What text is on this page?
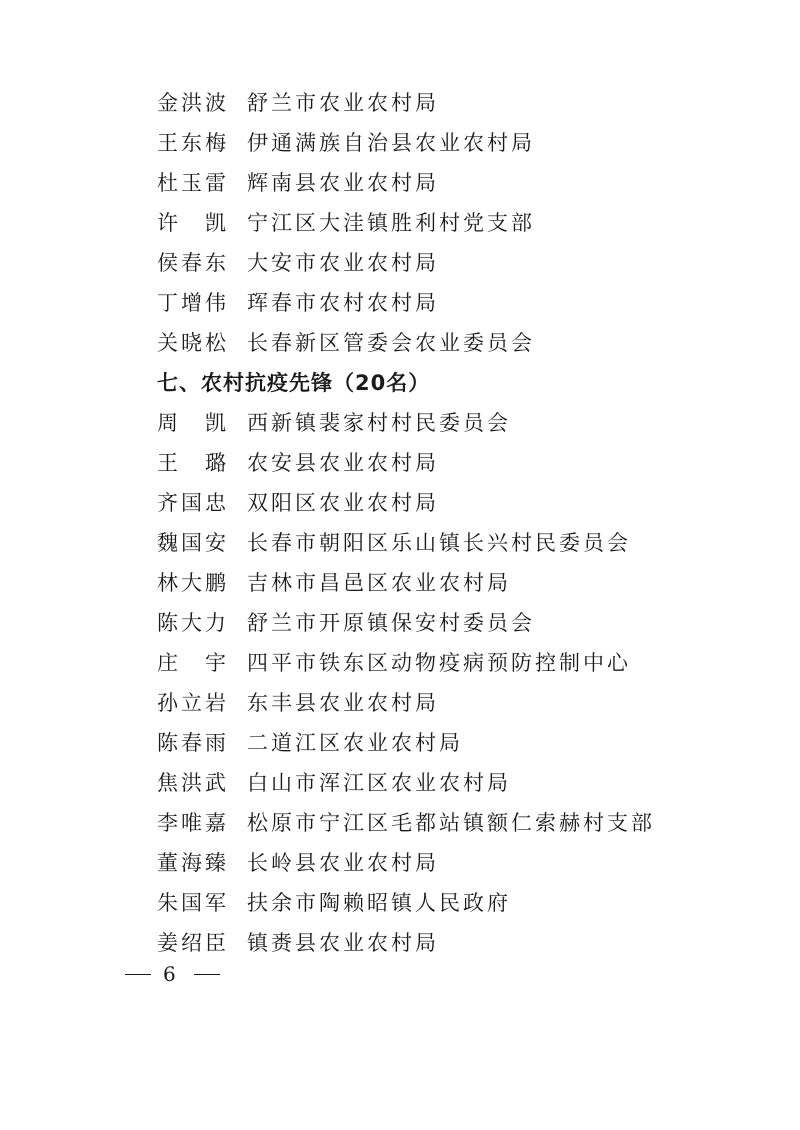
金洪波 舒兰市农业农村局
王东梅 伊通满族自治县农业农村局
杜玉雷 辉南县农业农村局
许　凯 宁江区大洼镇胜利村党支部
侯春东 大安市农业农村局
丁增伟 珲春市农村农村局
关晓松 长春新区管委会农业委员会
七、农村抗疫先锋（20名）
周　凯 西新镇裴家村村民委员会
王　璐 农安县农业农村局
齐国忠 双阳区农业农村局
魏国安 长春市朝阳区乐山镇长兴村民委员会
林大鹏 吉林市昌邑区农业农村局
陈大力 舒兰市开原镇保安村委员会
庄　宇 四平市铁东区动物疫病预防控制中心
孙立岩 东丰县农业农村局
陈春雨 二道江区农业农村局
焦洪武 白山市浑江区农业农村局
李唯嘉 松原市宁江区毛都站镇额仁索赫村支部
董海臻 长岭县农业农村局
朱国军 扶余市陶赖昭镇人民政府
姜绍臣 镇赉县农业农村局
6
